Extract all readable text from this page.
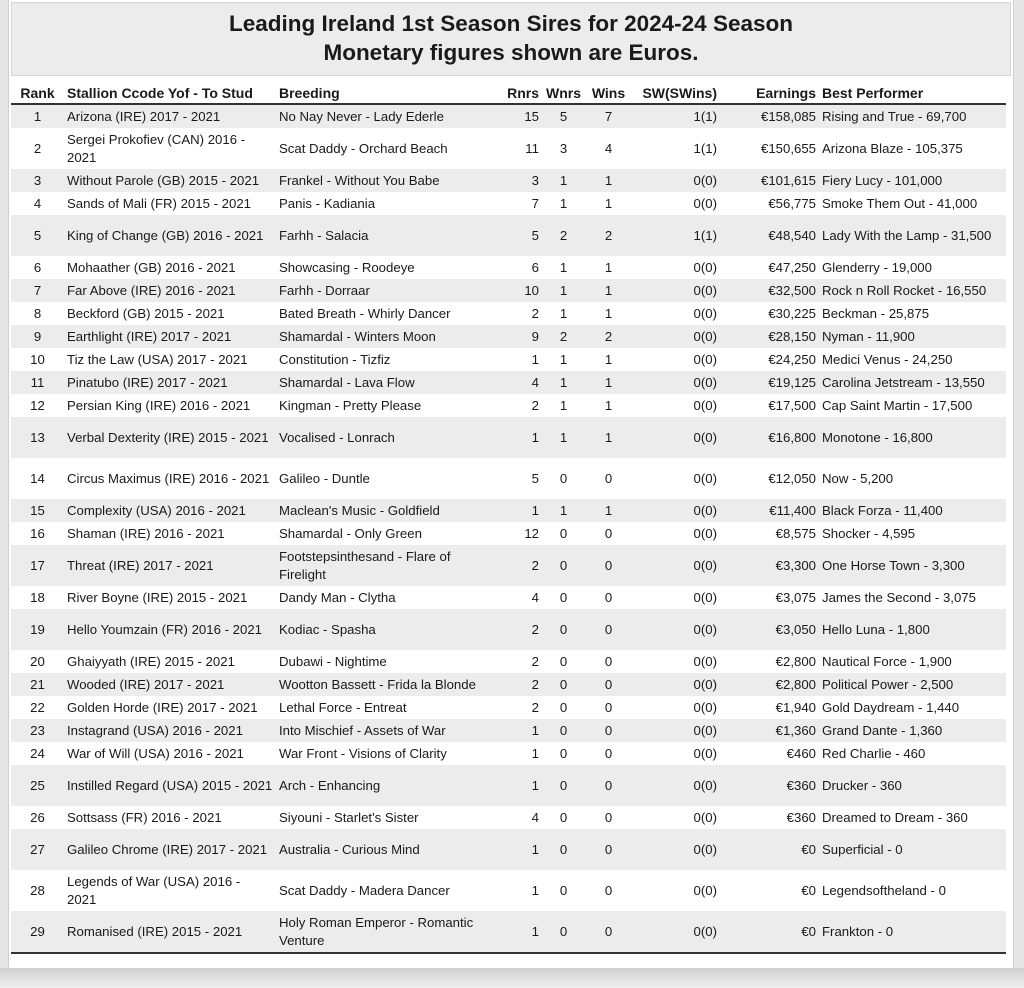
Leading Ireland 1st Season Sires for 2024-24 Season
Monetary figures shown are Euros.
Rank	Stallion Ccode Yof - To Stud	Breeding	Rnrs	Wnrs	Wins	SW(SWins)	Earnings	Best Performer
1	Arizona (IRE) 2017 - 2021	No Nay Never - Lady Ederle	15	5	7	1(1)	€158,085	Rising and True - 69,700
2	Sergei Prokofiev (CAN) 2016 - 2021	Scat Daddy - Orchard Beach	11	3	4	1(1)	€150,655	Arizona Blaze - 105,375
3	Without Parole (GB) 2015 - 2021	Frankel - Without You Babe	3	1	1	0(0)	€101,615	Fiery Lucy - 101,000
4	Sands of Mali (FR) 2015 - 2021	Panis - Kadiania	7	1	1	0(0)	€56,775	Smoke Them Out - 41,000
5	King of Change (GB) 2016 - 2021	Farhh - Salacia	5	2	2	1(1)	€48,540	Lady With the Lamp - 31,500
6	Mohaather (GB) 2016 - 2021	Showcasing - Roodeye	6	1	1	0(0)	€47,250	Glenderry - 19,000
7	Far Above (IRE) 2016 - 2021	Farhh - Dorraar	10	1	1	0(0)	€32,500	Rock n Roll Rocket - 16,550
8	Beckford (GB) 2015 - 2021	Bated Breath - Whirly Dancer	2	1	1	0(0)	€30,225	Beckman - 25,875
9	Earthlight (IRE) 2017 - 2021	Shamardal - Winters Moon	9	2	2	0(0)	€28,150	Nyman - 11,900
10	Tiz the Law (USA) 2017 - 2021	Constitution - Tizfiz	1	1	1	0(0)	€24,250	Medici Venus - 24,250
11	Pinatubo (IRE) 2017 - 2021	Shamardal - Lava Flow	4	1	1	0(0)	€19,125	Carolina Jetstream - 13,550
12	Persian King (IRE) 2016 - 2021	Kingman - Pretty Please	2	1	1	0(0)	€17,500	Cap Saint Martin - 17,500
13	Verbal Dexterity (IRE) 2015 - 2021	Vocalised - Lonrach	1	1	1	0(0)	€16,800	Monotone - 16,800
14	Circus Maximus (IRE) 2016 - 2021	Galileo - Duntle	5	0	0	0(0)	€12,050	Now - 5,200
15	Complexity (USA) 2016 - 2021	Maclean's Music - Goldfield	1	1	1	0(0)	€11,400	Black Forza - 11,400
16	Shaman (IRE) 2016 - 2021	Shamardal - Only Green	12	0	0	0(0)	€8,575	Shocker - 4,595
17	Threat (IRE) 2017 - 2021	Footstepsinthesand - Flare of Firelight	2	0	0	0(0)	€3,300	One Horse Town - 3,300
18	River Boyne (IRE) 2015 - 2021	Dandy Man - Clytha	4	0	0	0(0)	€3,075	James the Second - 3,075
19	Hello Youmzain (FR) 2016 - 2021	Kodiac - Spasha	2	0	0	0(0)	€3,050	Hello Luna - 1,800
20	Ghaiyyath (IRE) 2015 - 2021	Dubawi - Nightime	2	0	0	0(0)	€2,800	Nautical Force - 1,900
21	Wooded (IRE) 2017 - 2021	Wootton Bassett - Frida la Blonde	2	0	0	0(0)	€2,800	Political Power - 2,500
22	Golden Horde (IRE) 2017 - 2021	Lethal Force - Entreat	2	0	0	0(0)	€1,940	Gold Daydream - 1,440
23	Instagrand (USA) 2016 - 2021	Into Mischief - Assets of War	1	0	0	0(0)	€1,360	Grand Dante - 1,360
24	War of Will (USA) 2016 - 2021	War Front - Visions of Clarity	1	0	0	0(0)	€460	Red Charlie - 460
25	Instilled Regard (USA) 2015 - 2021	Arch - Enhancing	1	0	0	0(0)	€360	Drucker - 360
26	Sottsass (FR) 2016 - 2021	Siyouni - Starlet's Sister	4	0	0	0(0)	€360	Dreamed to Dream - 360
27	Galileo Chrome (IRE) 2017 - 2021	Australia - Curious Mind	1	0	0	0(0)	€0	Superficial - 0
28	Legends of War (USA) 2016 - 2021	Scat Daddy - Madera Dancer	1	0	0	0(0)	€0	Legendsoftheland - 0
29	Romanised (IRE) 2015 - 2021	Holy Roman Emperor - Romantic Venture	1	0	0	0(0)	€0	Frankton - 0
